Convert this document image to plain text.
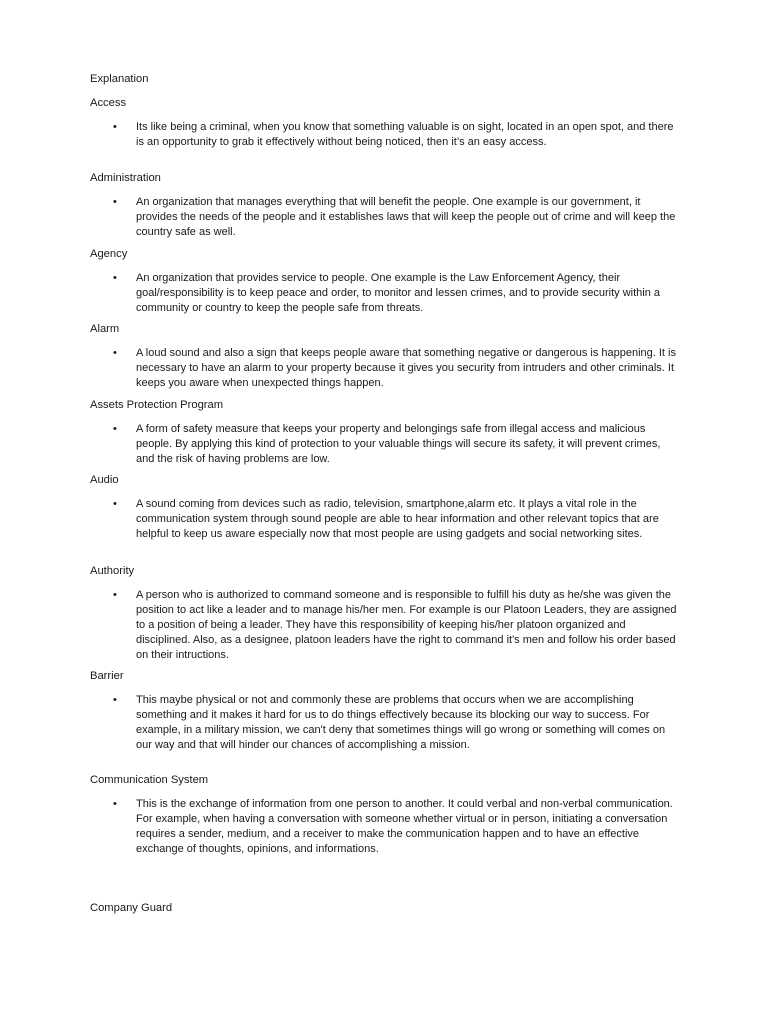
Explanation
Access
• Its like being a criminal, when you know that something valuable is on sight, located in an open spot, and there is an opportunity to grab it effectively without being noticed, then it’s an easy access.
Administration
• An organization that manages everything that will benefit the people. One example is our government, it provides the needs of the people and it establishes laws that will keep the people out of crime and will keep the country safe as well.
Agency
• An organization that provides service to people. One example is the Law Enforcement Agency, their goal/responsibility is to keep peace and order, to monitor and lessen crimes, and to provide security within a community or country to keep the people safe from threats.
Alarm
• A loud sound and also a sign that keeps people aware that something negative or dangerous is happening. It is necessary to have an alarm to your property because it gives you security from intruders and other criminals. It keeps you aware when unexpected things happen.
Assets Protection Program
• A form of safety measure that keeps your property and belongings safe from illegal access and malicious people. By applying this kind of protection to your valuable things will secure its safety, it will prevent crimes, and the risk of having problems are low.
Audio
• A sound coming from devices such as radio, television, smartphone,alarm etc. It plays a vital role in the communication system through sound people are able to hear information and other relevant topics that are helpful to keep us aware especially now that most people are using gadgets and social networking sites.
Authority
• A person who is authorized to command someone and is responsible to fulfill his duty as he/she was given the position to act like a leader and to manage his/her men. For example is our Platoon Leaders, they are assigned to a position of being a leader. They have this responsibility of keeping his/her platoon organized and disciplined. Also, as a designee, platoon leaders have the right to command it's men and follow his order based on their intructions.
Barrier
• This maybe physical or not and commonly these are problems that occurs when we are accomplishing something and it makes it hard for us to do things effectively because its blocking our way to success. For example, in a military mission, we can't deny that sometimes things will go wrong or something will comes on our way and that will hinder our chances of accomplishing a mission.
Communication System
• This is the exchange of information from one person to another. It could verbal and non-verbal communication. For example, when having a conversation with someone whether virtual or in person, initiating a conversation requires a sender, medium, and a receiver to make the communication happen and to have an effective exchange of thoughts, opinions, and informations.
Company Guard
